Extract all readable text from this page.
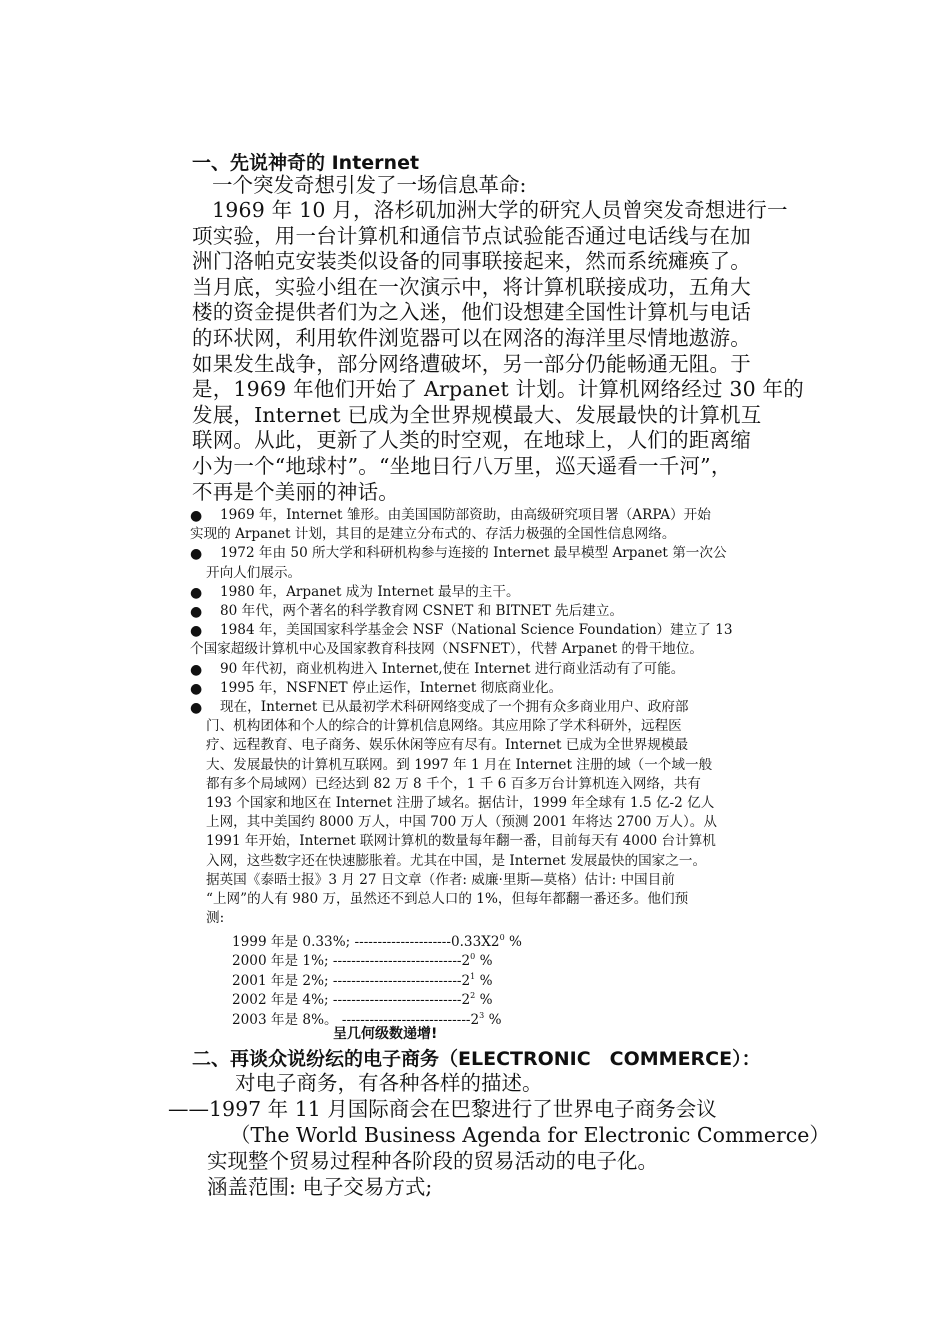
一、先说神奇的 Internet
一个突发奇想引发了一场信息革命:
1969 年 10 月，洛杉矶加洲大学的研究人员曾突发奇想进行一
项实验，用一台计算机和通信节点试验能否通过电话线与在加
洲门洛帕克安装类似设备的同事联接起来，然而系统瘫痪了。
当月底，实验小组在一次演示中，将计算机联接成功，五角大
楼的资金提供者们为之入迷，他们设想建全国性计算机与电话
的环状网，利用软件浏览器可以在网洛的海洋里尽情地遨游。
如果发生战争，部分网络遭破坏，另一部分仍能畅通无阻。于
是，1969 年他们开始了 Arpanet 计划。计算机网络经过 30 年的
发展，Internet 已成为全世界规模最大、发展最快的计算机互
联网。从此，更新了人类的时空观，在地球上，人们的距离缩
小为一个“地球村”。“坐地日行八万里，巡天遥看一千河”，
不再是个美丽的神话。
●	1969 年，Internet 雏形。由美国国防部资助，由高级研究项目署（ARPA）开始
实现的 Arpanet 计划，其目的是建立分布式的、存活力极强的全国性信息网络。
●	1972 年由 50 所大学和科研机构参与连接的 Internet 最早模型 Arpanet 第一次公
开向人们展示。
●	1980 年，Arpanet 成为 Internet 最早的主干。
●	80 年代，两个著名的科学教育网 CSNET 和 BITNET 先后建立。
●	1984 年，美国国家科学基金会 NSF（National Science Foundation）建立了 13
个国家超级计算机中心及国家教育科技网（NSFNET），代替 Arpanet 的骨干地位。
●	90 年代初，商业机构进入 Internet,使在 Internet 进行商业活动有了可能。
●	1995 年，NSFNET 停止运作，Internet 彻底商业化。
●	现在，Internet 已从最初学术科研网络变成了一个拥有众多商业用户、政府部
门、机构团体和个人的综合的计算机信息网络。其应用除了学术科研外，远程医
疗、远程教育、电子商务、娱乐休闲等应有尽有。Internet 已成为全世界规模最
大、发展最快的计算机互联网。到 1997 年 1 月在 Internet 注册的域（一个域一般
都有多个局域网）已经达到 82 万 8 千个，1 千 6 百多万台计算机连入网络，共有
193 个国家和地区在 Internet 注册了域名。据估计，1999 年全球有 1.5 亿-2 亿人
上网，其中美国约 8000 万人，中国 700 万人（预测 2001 年将达 2700 万人）。从
1991 年开始，Internet 联网计算机的数量每年翻一番，目前每天有 4000 台计算机
入网，这些数字还在快速膨胀着。尤其在中国，是 Internet 发展最快的国家之一。
据英国《泰晤士报》3 月 27 日文章（作者: 威廉·里斯—莫格）估计: 中国目前
“上网”的人有 980 万，虽然还不到总人口的 1%，但每年都翻一番还多。他们预
测:
1999 年是 0.33%; $---------------------0.33X2^0$ %
2000 年是 1%; $----------------------------2^0$ %
2001 年是 2%; $----------------------------2^1$ %
2002 年是 4%; $----------------------------2^2$ %
2003 年是 8%。 $----------------------------2^3$ %
呈几何级数递增!
二、再谈众说纷纭的电子商务（ELECTRONIC　COMMERCE）：
对电子商务，有各种各样的描述。
——1997 年 11 月国际商会在巴黎进行了世界电子商务会议
（The World Business Agenda for Electronic Commerce）
实现整个贸易过程种各阶段的贸易活动的电子化。
涵盖范围: 电子交易方式;
